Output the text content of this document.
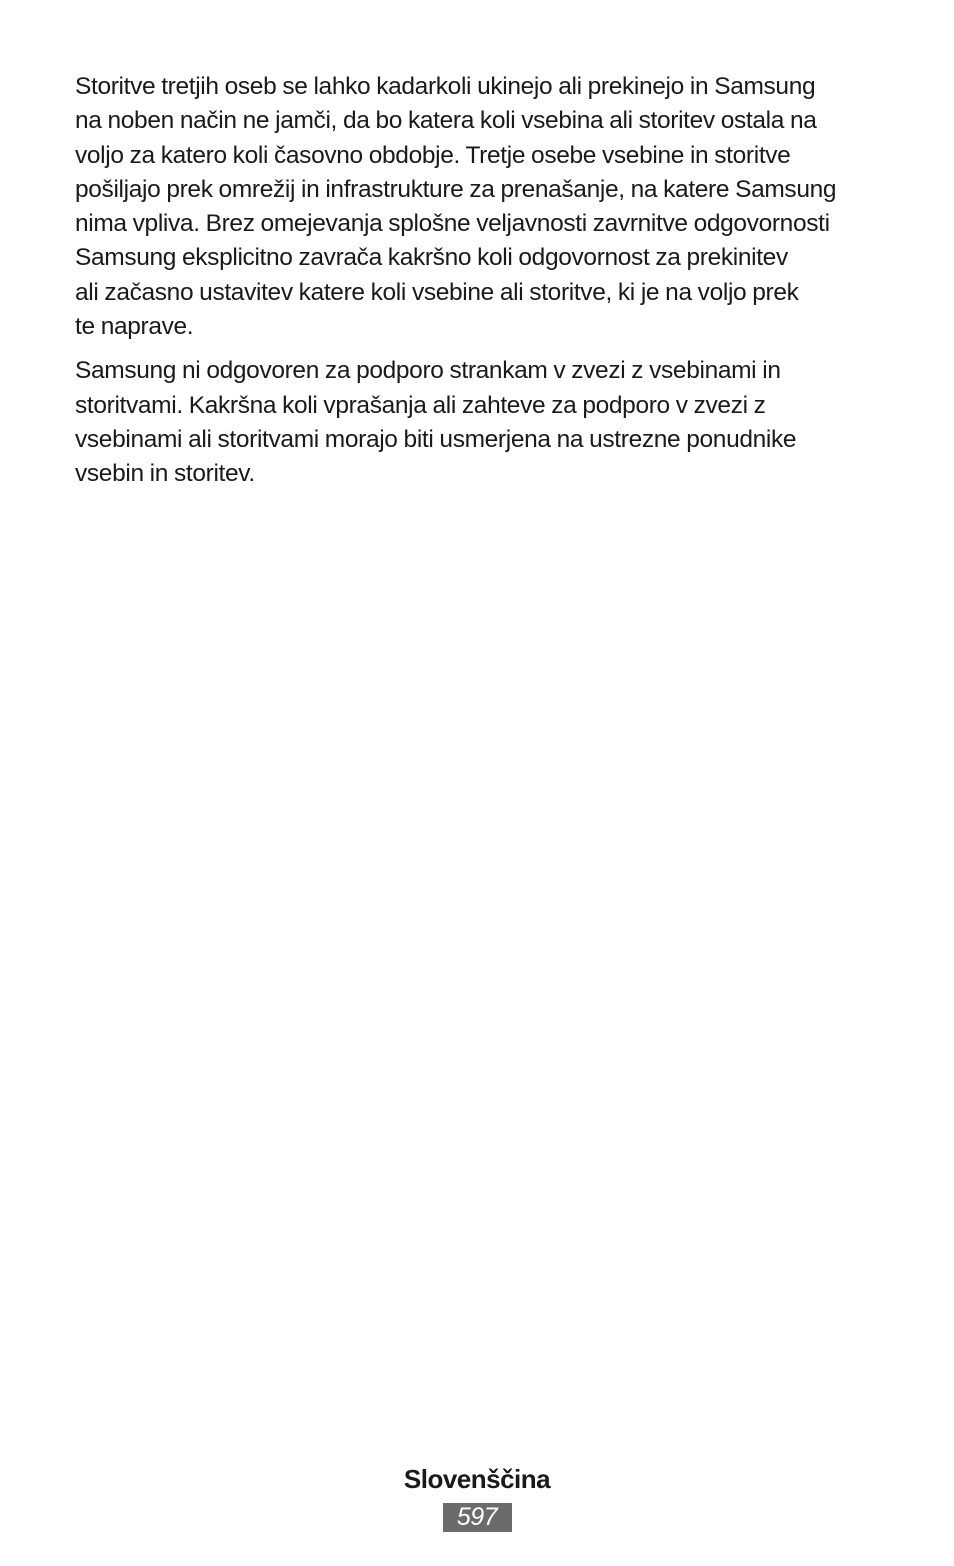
Storitve tretjih oseb se lahko kadarkoli ukinejo ali prekinejo in Samsung
na noben način ne jamči, da bo katera koli vsebina ali storitev ostala na
voljo za katero koli časovno obdobje. Tretje osebe vsebine in storitve
pošiljajo prek omrežij in infrastrukture za prenašanje, na katere Samsung
nima vpliva. Brez omejevanja splošne veljavnosti zavrnitve odgovornosti
Samsung eksplicitno zavrača kakršno koli odgovornost za prekinitev
ali začasno ustavitev katere koli vsebine ali storitve, ki je na voljo prek
te naprave.

Samsung ni odgovoren za podporo strankam v zvezi z vsebinami in
storitvami. Kakršna koli vprašanja ali zahteve za podporo v zvezi z
vsebinami ali storitvami morajo biti usmerjena na ustrezne ponudnike
vsebin in storitev.

Slovenščina
597
